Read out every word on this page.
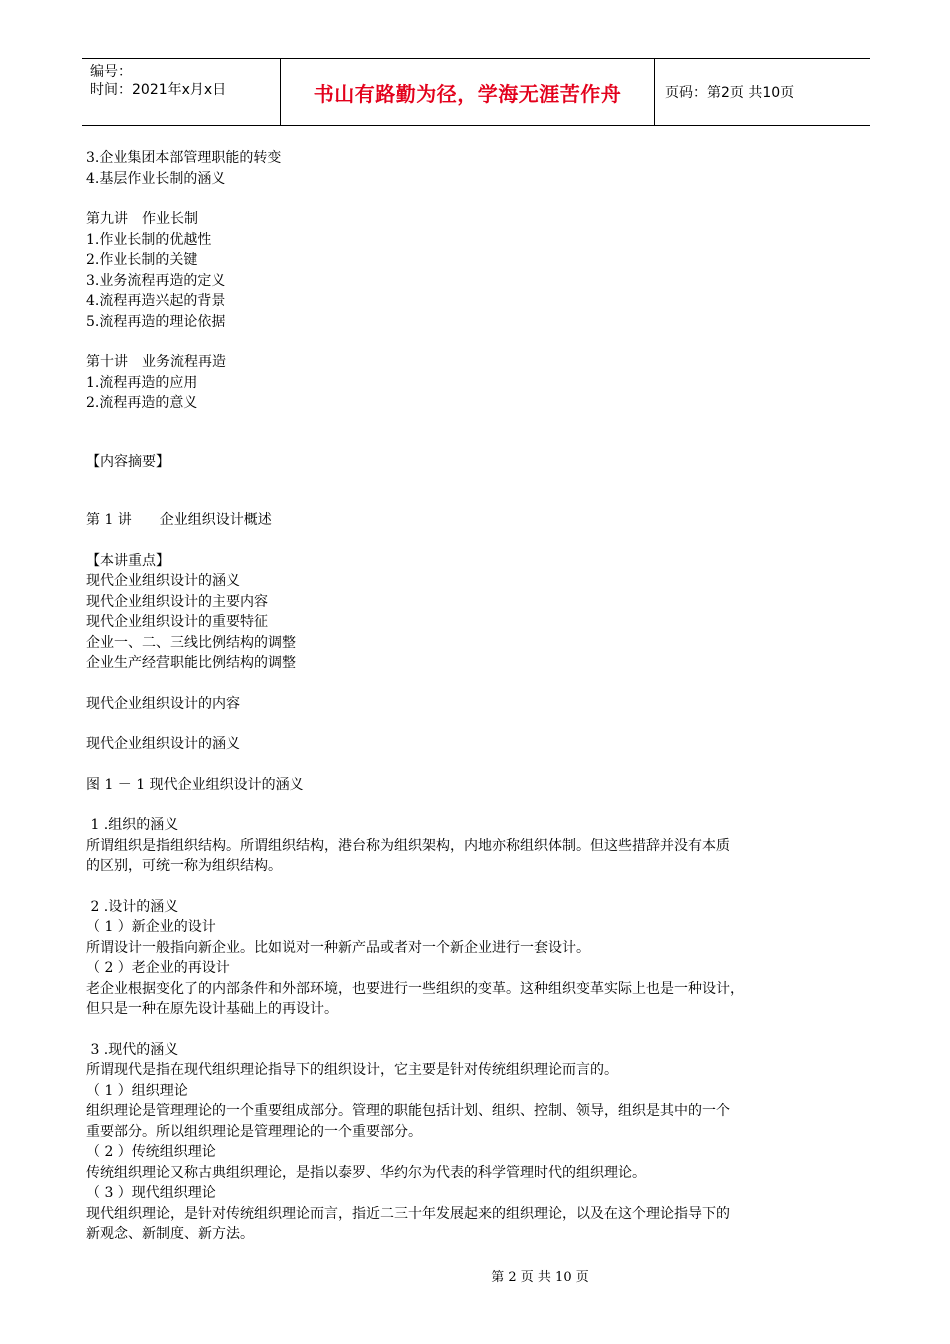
编号：
时间：2021年x月x日	书山有路勤为径，学海无涯苦作舟	页码：第2页 共10页
3.企业集团本部管理职能的转变
4.基层作业长制的涵义
第九讲　作业长制
1.作业长制的优越性
2.作业长制的关键
3.业务流程再造的定义
4.流程再造兴起的背景
5.流程再造的理论依据
第十讲　业务流程再造
1.流程再造的应用
2.流程再造的意义
【内容摘要】
第 1 讲　　企业组织设计概述
【本讲重点】
现代企业组织设计的涵义
现代企业组织设计的主要内容
现代企业组织设计的重要特征
企业一、二、三线比例结构的调整
企业生产经营职能比例结构的调整
现代企业组织设计的内容
现代企业组织设计的涵义
图 1 － 1 现代企业组织设计的涵义
1 .组织的涵义
所谓组织是指组织结构。所谓组织结构，港台称为组织架构，内地亦称组织体制。但这些措辞并没有本质
的区别，可统一称为组织结构。
2 .设计的涵义
（ 1 ）新企业的设计
所谓设计一般指向新企业。比如说对一种新产品或者对一个新企业进行一套设计。
（ 2 ）老企业的再设计
老企业根据变化了的内部条件和外部环境，也要进行一些组织的变革。这种组织变革实际上也是一种设计，
但只是一种在原先设计基础上的再设计。
3 .现代的涵义
所谓现代是指在现代组织理论指导下的组织设计，它主要是针对传统组织理论而言的。
（ 1 ）组织理论
组织理论是管理理论的一个重要组成部分。管理的职能包括计划、组织、控制、领导，组织是其中的一个
重要部分。所以组织理论是管理理论的一个重要部分。
（ 2 ）传统组织理论
传统组织理论又称古典组织理论，是指以泰罗、华约尔为代表的科学管理时代的组织理论。
（ 3 ）现代组织理论
现代组织理论，是针对传统组织理论而言，指近二三十年发展起来的组织理论，以及在这个理论指导下的
新观念、新制度、新方法。
第 2 页 共 10 页
